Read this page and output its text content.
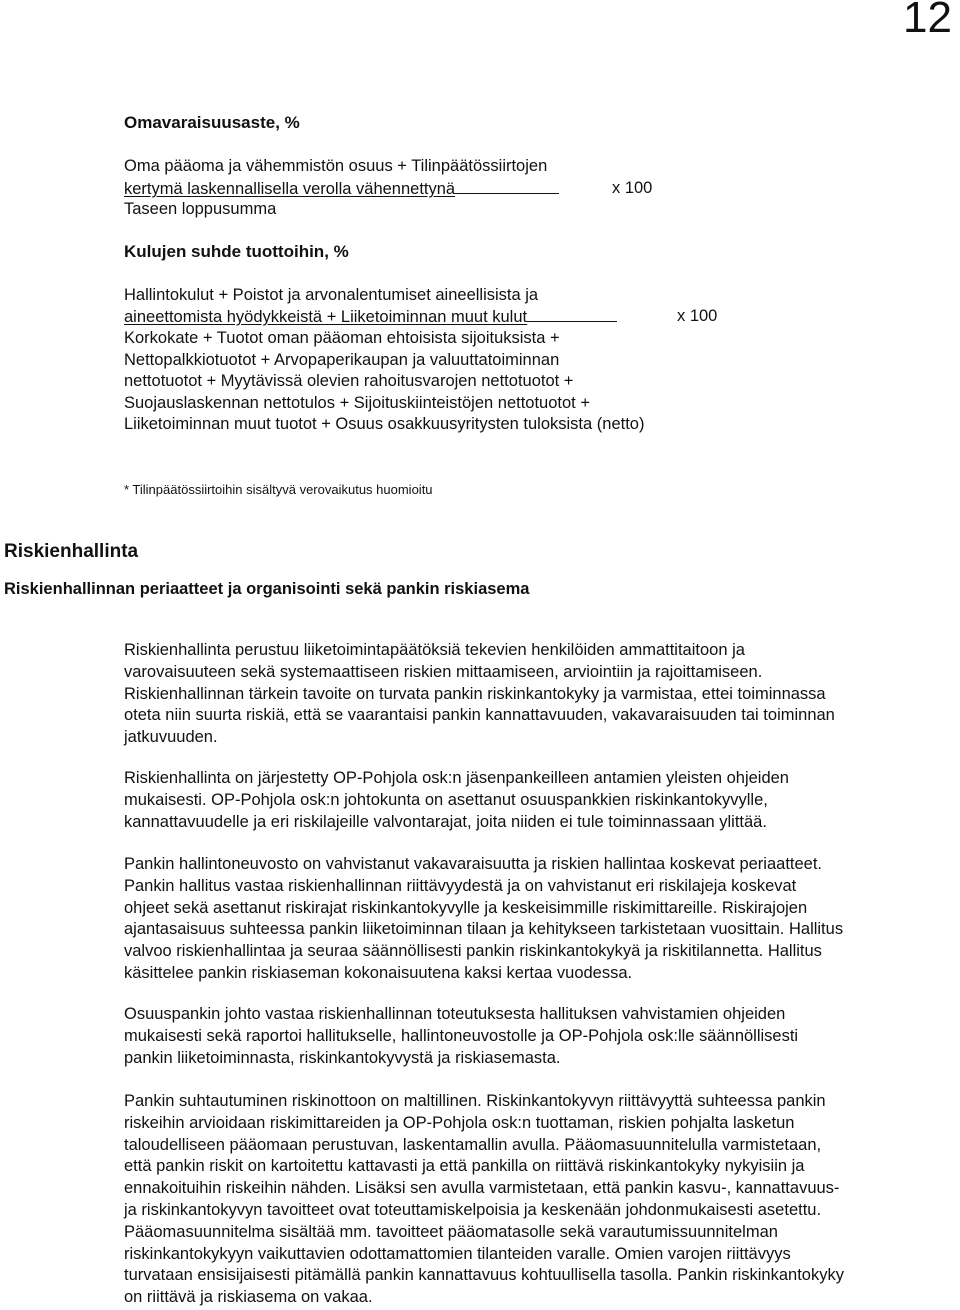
12
Omavaraisuusaste, %
Oma pääoma ja vähemmistön osuus + Tilinpäätössiirtojen
kertymä laskennallisella verolla vähennettynä	x 100
Taseen loppusumma
Kulujen suhde tuottoihin, %
Hallintokulut + Poistot ja arvonalentumiset aineellisista ja
aineettomista hyödykkeistä + Liiketoiminnan muut kulut	x 100
Korkokate + Tuotot oman pääoman ehtoisista sijoituksista +
Nettopalkkiotuotot + Arvopaperikaupan ja valuuttatoiminnan
nettotuotot + Myytävissä olevien rahoitusvarojen nettotuotot +
Suojauslaskennan nettotulos + Sijoituskiinteistöjen nettotuotot +
Liiketoiminnan muut tuotot + Osuus osakkuusyritysten tuloksista (netto)
* Tilinpäätössiirtoihin sisältyvä verovaikutus huomioitu
Riskienhallinta
Riskienhallinnan periaatteet ja organisointi sekä pankin riskiasema
Riskienhallinta perustuu liiketoimintapäätöksiä tekevien henkilöiden ammattitaitoon ja
varovaisuuteen sekä systemaattiseen riskien mittaamiseen, arviointiin ja rajoittamiseen.
Riskienhallinnan tärkein tavoite on turvata pankin riskinkantokyky ja varmistaa, ettei toiminnassa
oteta niin suurta riskiä, että se vaarantaisi pankin kannattavuuden, vakavaraisuuden tai toiminnan
jatkuvuuden.
Riskienhallinta on järjestetty OP-Pohjola osk:n jäsenpankeilleen antamien yleisten ohjeiden
mukaisesti. OP-Pohjola osk:n johtokunta on asettanut osuuspankkien riskinkantokyvylle,
kannattavuudelle ja eri riskilajeille valvontarajat, joita niiden ei tule toiminnassaan ylittää.
Pankin hallintoneuvosto on vahvistanut vakavaraisuutta ja riskien hallintaa koskevat periaatteet.
Pankin hallitus vastaa riskienhallinnan riittävyydestä ja on vahvistanut eri riskilajeja koskevat
ohjeet sekä asettanut riskirajat riskinkantokyvylle ja keskeisimmille riskimittareille. Riskirajojen
ajantasaisuus suhteessa pankin liiketoiminnan tilaan ja kehitykseen tarkistetaan vuosittain. Hallitus
valvoo riskienhallintaa ja seuraa säännöllisesti pankin riskinkantokykyä ja riskitilannetta. Hallitus
käsittelee pankin riskiaseman kokonaisuutena kaksi kertaa vuodessa.
Osuuspankin johto vastaa riskienhallinnan toteutuksesta hallituksen vahvistamien ohjeiden
mukaisesti sekä raportoi hallitukselle, hallintoneuvostolle ja OP-Pohjola osk:lle säännöllisesti
pankin liiketoiminnasta, riskinkantokyvystä ja riskiasemasta.
Pankin suhtautuminen riskinottoon on maltillinen. Riskinkantokyvyn riittävyyttä suhteessa pankin
riskeihin arvioidaan riskimittareiden ja OP-Pohjola osk:n tuottaman, riskien pohjalta lasketun
taloudelliseen pääomaan perustuvan, laskentamallin avulla. Pääomasuunnitelulla varmistetaan,
että pankin riskit on kartoitettu kattavasti ja että pankilla on riittävä riskinkantokyky nykyisiin ja
ennakoituihin riskeihin nähden. Lisäksi sen avulla varmistetaan, että pankin kasvu-, kannattavuus-
ja riskinkantokyvyn tavoitteet ovat toteuttamiskelpoisia ja keskenään johdonmukaisesti asetettu.
Pääomasuunnitelma sisältää mm. tavoitteet pääomatasolle sekä varautumissuunnitelman
riskinkantokykyyn vaikuttavien odottamattomien tilanteiden varalle. Omien varojen riittävyys
turvataan ensisijaisesti pitämällä pankin kannattavuus kohtuullisella tasolla. Pankin riskinkantokyky
on riittävä ja riskiasema on vakaa.
